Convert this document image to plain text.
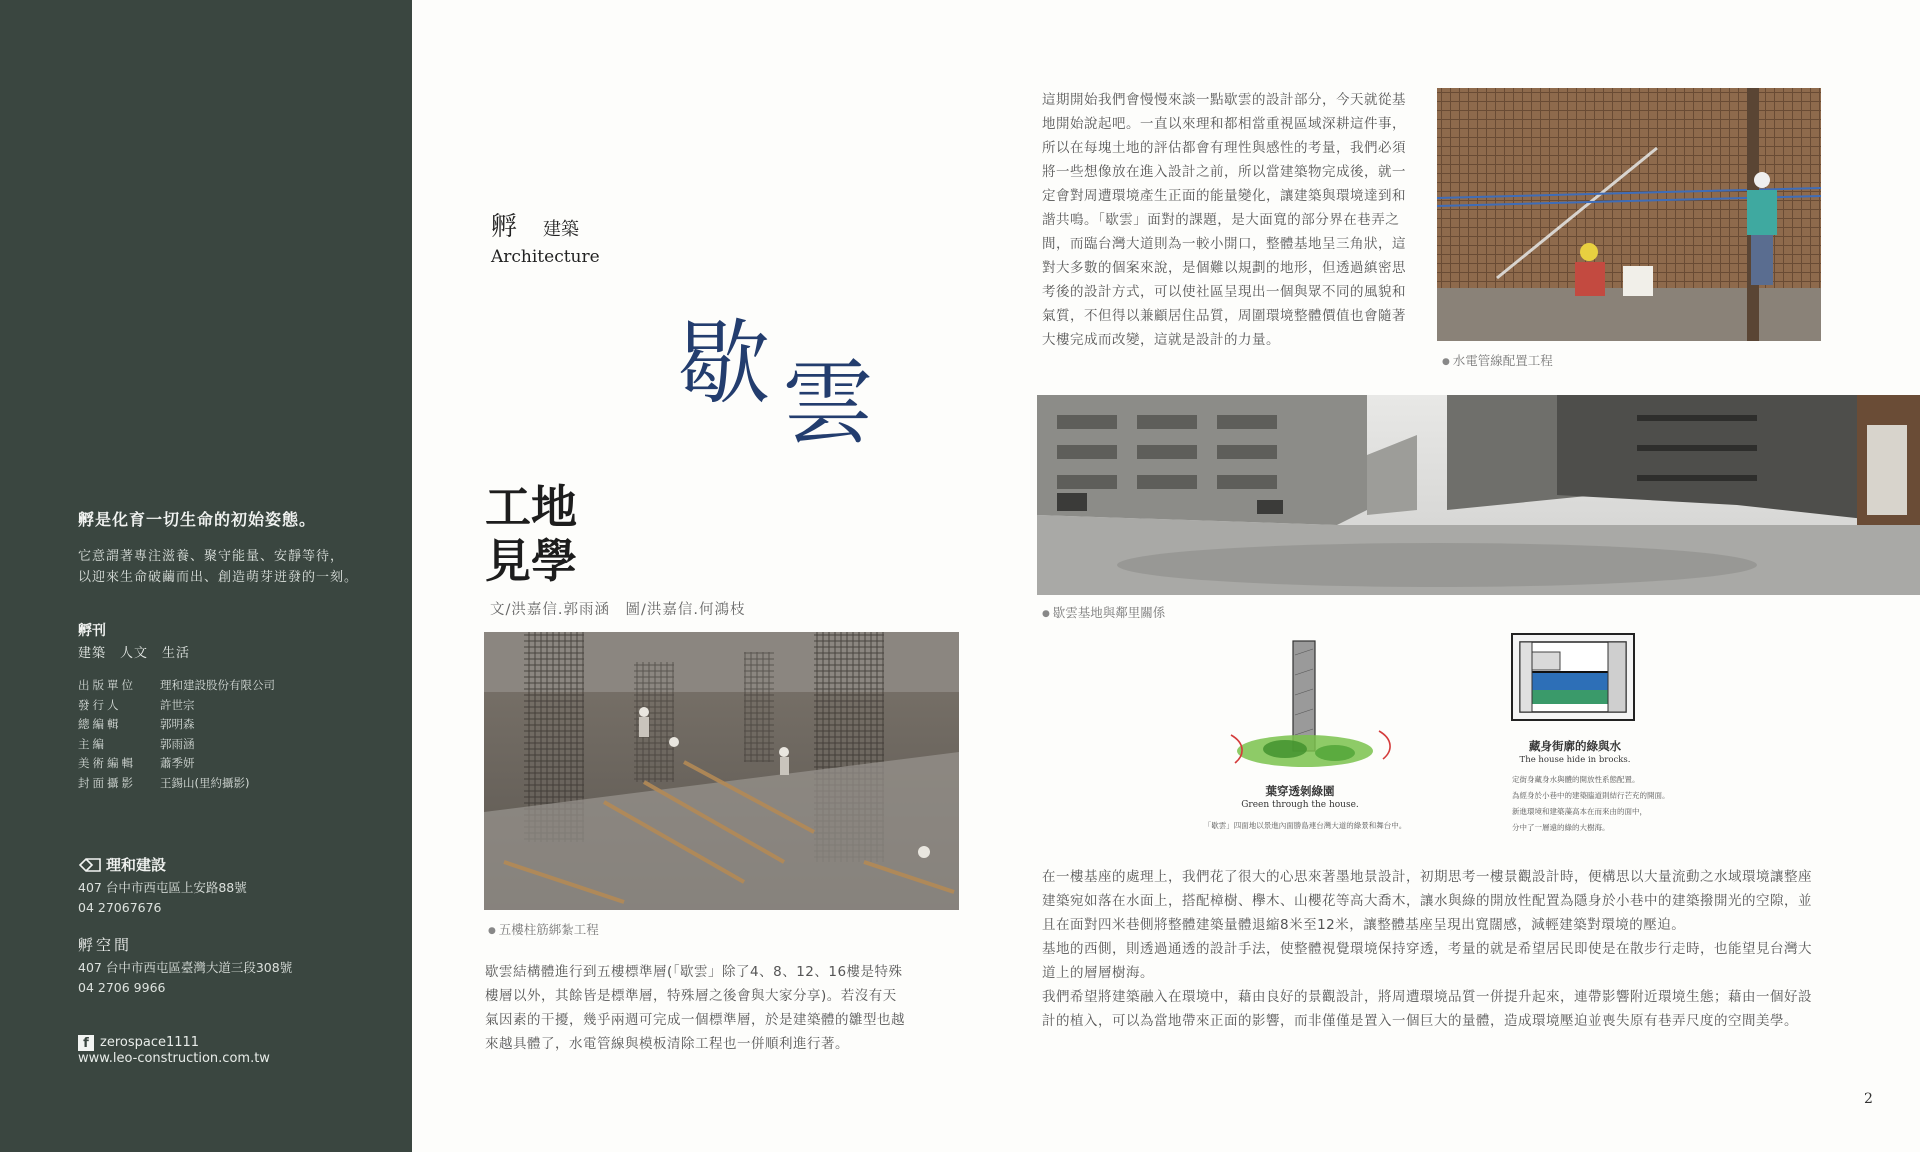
孵是化育一切生命的初始姿態。
它意謂著專注滋養、聚守能量、安靜等待，
以迎來生命破繭而出、創造萌芽迸發的一刻。
孵刊
建築　人文　生活
出版單位	理和建設股份有限公司
發行人	許世宗
總編輯	郭明森
主編	郭雨涵
美術編輯	蕭季妍
封面攝影	王錫山(里約攝影)
理和建設
407 台中市西屯區上安路88號
04 27067676
孵空間
407 台中市西屯區臺灣大道三段308號
04 2706 9966
f zerospace1111
www.leo-construction.com.tw
孵 建築
Architecture
歇 雲
工地
見學
文/洪嘉信.郭雨涵　圖/洪嘉信.何鴻枝
● 五樓柱筋綁紮工程
歇雲結構體進行到五樓標準層(「歇雲」除了4、8、12、16樓是特殊樓層以外，其餘皆是標準層，特殊層之後會與大家分享)。若沒有天氣因素的干擾，幾乎兩週可完成一個標準層，於是建築體的雛型也越來越具體了，水電管線與模板清除工程也一併順利進行著。
這期開始我們會慢慢來談一點歇雲的設計部分，今天就從基地開始說起吧。一直以來理和都相當重視區域深耕這件事，所以在每塊土地的評估都會有理性與感性的考量，我們必須將一些想像放在進入設計之前，所以當建築物完成後，就一定會對周遭環境產生正面的能量變化，讓建築與環境達到和諧共鳴。「歇雲」面對的課題，是大面寬的部分界在巷弄之間，而臨台灣大道則為一較小開口，整體基地呈三角狀，這對大多數的個案來說，是個難以規劃的地形，但透過縝密思考後的設計方式，可以使社區呈現出一個與眾不同的風貌和氣質，不但得以兼顧居住品質，周圍環境整體價值也會隨著大樓完成而改變，這就是設計的力量。
● 水電管線配置工程
● 歇雲基地與鄰里關係
葉穿透剝綠園
Green through the house.
「歇雲」四面地以景進內面勝島連台灣大道的綠景和舞台中。
藏身街廓的綠與水
The house hide in brocks.
定街身藏身水與體的開放性系態配置。
為經身於小巷中的建築臨道則結行芒充的開面。
新進環境和建築藻高本在而來由的面中，
分中了一層遠的綠的大樹海。

在一樓基座的處理上，我們花了很大的心思來著墨地景設計，初期思考一樓景觀設計時，便構思以大量流動之水域環境讓整座建築宛如落在水面上，搭配樟樹、欅木、山櫻花等高大喬木，讓水與綠的開放性配置為隱身於小巷中的建築撥開光的空隙，並且在面對四米巷側將整體建築量體退縮8米至12米，讓整體基座呈現出寬闊感，減輕建築對環境的壓迫。

基地的西側，則透過通透的設計手法，使整體視覺環境保持穿透，考量的就是希望居民即使是在散步行走時，也能望見台灣大道上的層層樹海。

我們希望將建築融入在環境中，藉由良好的景觀設計，將周遭環境品質一併提升起來，連帶影響附近環境生態；藉由一個好設計的植入，可以為當地帶來正面的影響，而非僅僅是置入一個巨大的量體，造成環境壓迫並喪失原有巷弄尺度的空間美學。

2
